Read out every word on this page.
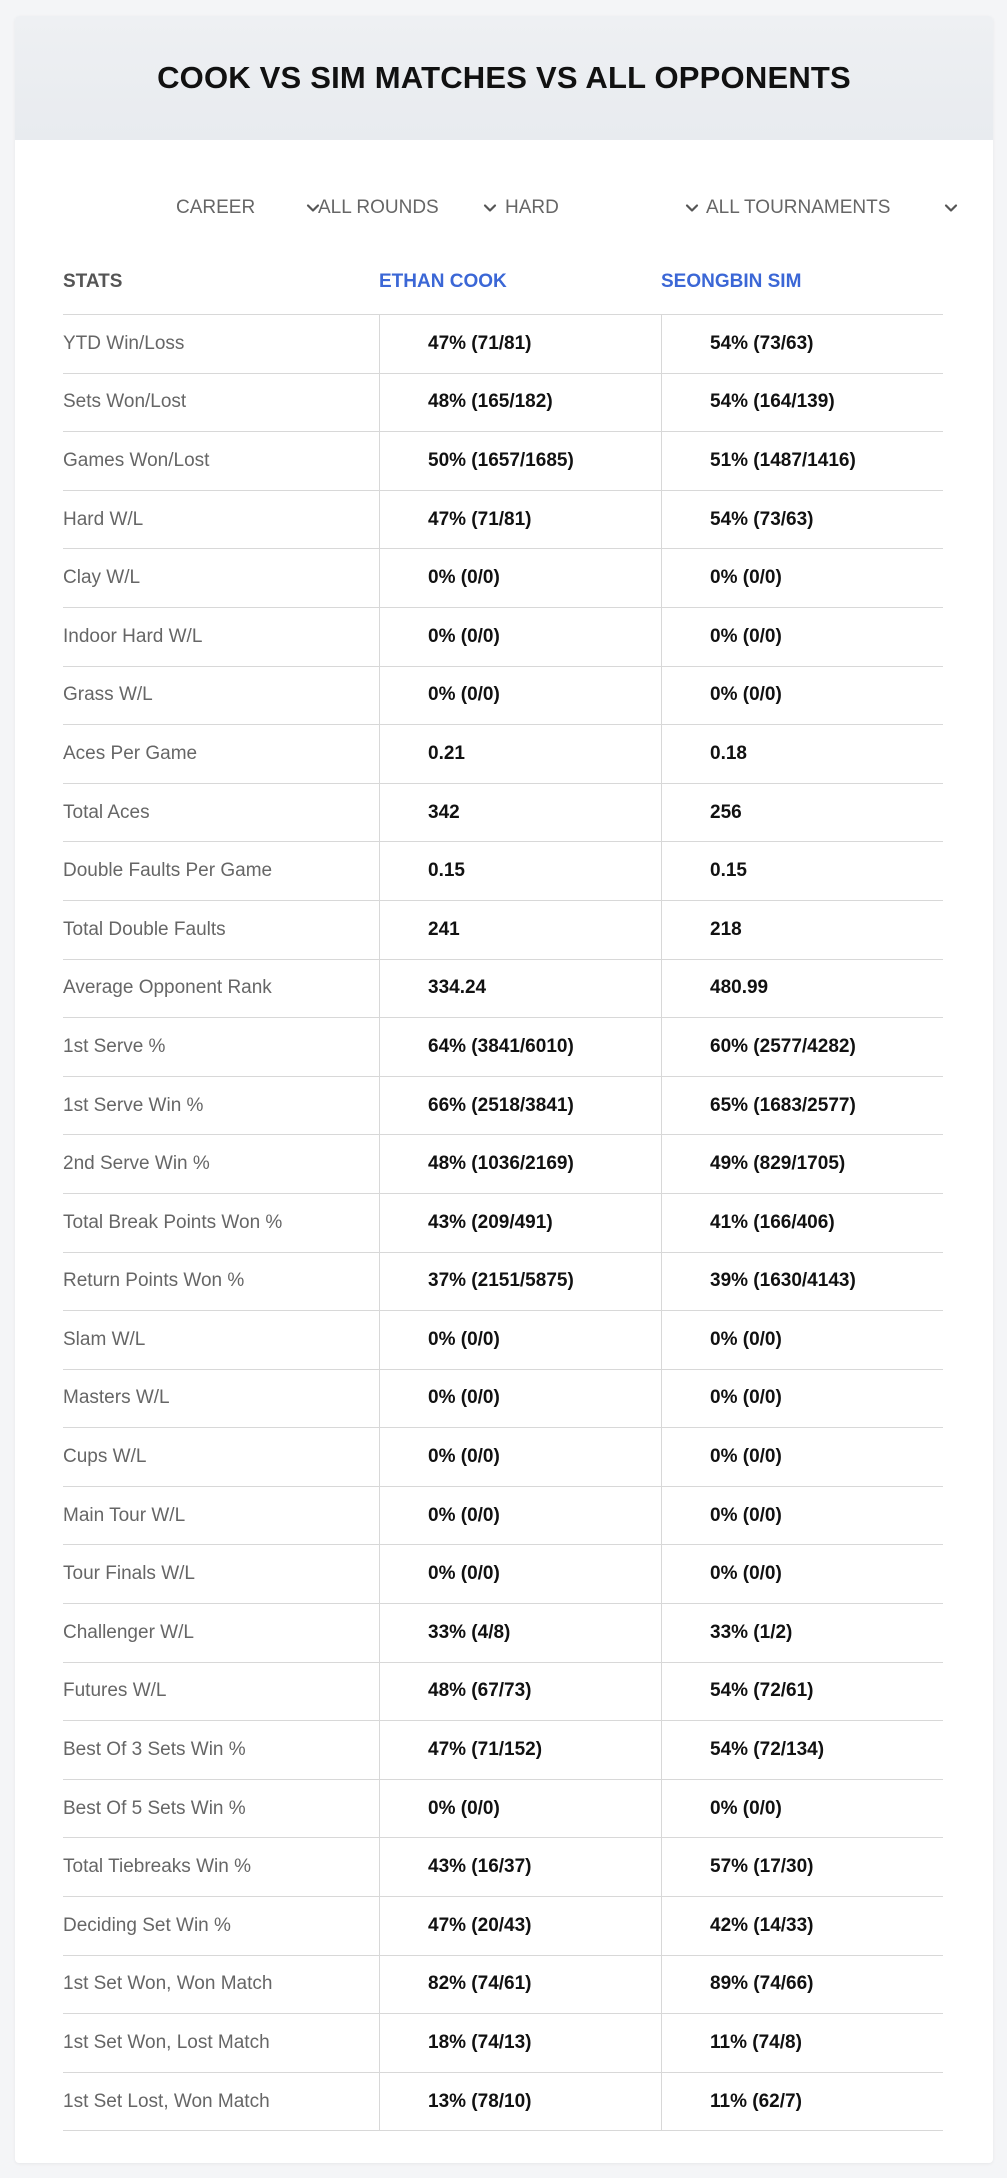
COOK VS SIM MATCHES VS ALL OPPONENTS
CAREER	ALL ROUNDS	HARD	ALL TOURNAMENTS
STATS	ETHAN COOK	SEONGBIN SIM
YTD Win/Loss	47% (71/81)	54% (73/63)
Sets Won/Lost	48% (165/182)	54% (164/139)
Games Won/Lost	50% (1657/1685)	51% (1487/1416)
Hard W/L	47% (71/81)	54% (73/63)
Clay W/L	0% (0/0)	0% (0/0)
Indoor Hard W/L	0% (0/0)	0% (0/0)
Grass W/L	0% (0/0)	0% (0/0)
Aces Per Game	0.21	0.18
Total Aces	342	256
Double Faults Per Game	0.15	0.15
Total Double Faults	241	218
Average Opponent Rank	334.24	480.99
1st Serve %	64% (3841/6010)	60% (2577/4282)
1st Serve Win %	66% (2518/3841)	65% (1683/2577)
2nd Serve Win %	48% (1036/2169)	49% (829/1705)
Total Break Points Won %	43% (209/491)	41% (166/406)
Return Points Won %	37% (2151/5875)	39% (1630/4143)
Slam W/L	0% (0/0)	0% (0/0)
Masters W/L	0% (0/0)	0% (0/0)
Cups W/L	0% (0/0)	0% (0/0)
Main Tour W/L	0% (0/0)	0% (0/0)
Tour Finals W/L	0% (0/0)	0% (0/0)
Challenger W/L	33% (4/8)	33% (1/2)
Futures W/L	48% (67/73)	54% (72/61)
Best Of 3 Sets Win %	47% (71/152)	54% (72/134)
Best Of 5 Sets Win %	0% (0/0)	0% (0/0)
Total Tiebreaks Win %	43% (16/37)	57% (17/30)
Deciding Set Win %	47% (20/43)	42% (14/33)
1st Set Won, Won Match	82% (74/61)	89% (74/66)
1st Set Won, Lost Match	18% (74/13)	11% (74/8)
1st Set Lost, Won Match	13% (78/10)	11% (62/7)
